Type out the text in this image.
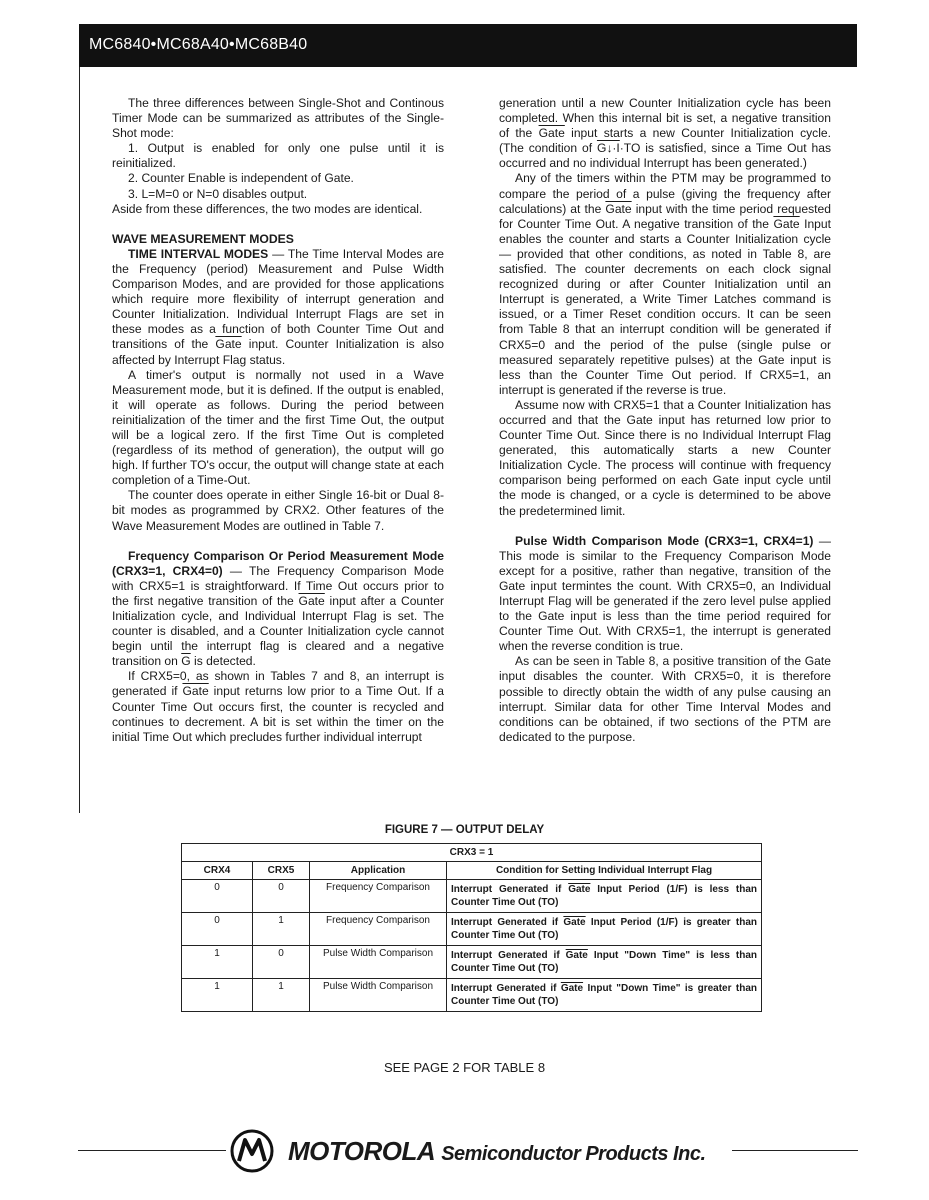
MC6840•MC68A40•MC68B40

The three differences between Single-Shot and Continous Timer Mode can be summarized as attributes of the Single-Shot mode:

1. Output is enabled for only one pulse until it is reinitialized.

2. Counter Enable is independent of Gate.

3. L=M=0 or N=0 disables output.

Aside from these differences, the two modes are identical.

WAVE MEASUREMENT MODES

TIME INTERVAL MODES — The Time Interval Modes are the Frequency (period) Measurement and Pulse Width Comparison Modes, and are provided for those applications which require more flexibility of interrupt generation and Counter Initialization. Individual Interrupt Flags are set in these modes as a function of both Counter Time Out and transitions of the Gate input. Counter Initialization is also affected by Interrupt Flag status.

A timer's output is normally not used in a Wave Measurement mode, but it is defined. If the output is enabled, it will operate as follows. During the period between reinitialization of the timer and the first Time Out, the output will be a logical zero. If the first Time Out is completed (regardless of its method of generation), the output will go high. If further TO's occur, the output will change state at each completion of a Time-Out.

The counter does operate in either Single 16-bit or Dual 8-bit modes as programmed by CRX2. Other features of the Wave Measurement Modes are outlined in Table 7.

Frequency Comparison Or Period Measurement Mode (CRX3=1, CRX4=0) — The Frequency Comparison Mode with CRX5=1 is straightforward. If Time Out occurs prior to the first negative transition of the Gate input after a Counter Initialization cycle, and Individual Interrupt Flag is set. The counter is disabled, and a Counter Initialization cycle cannot begin until the interrupt flag is cleared and a negative transition on $\overline{G}$ is detected.

If CRX5=0, as shown in Tables 7 and 8, an interrupt is generated if Gate input returns low prior to a Time Out. If a Counter Time Out occurs first, the counter is recycled and continues to decrement. A bit is set within the timer on the initial Time Out which precludes further individual interrupt

generation until a new Counter Initialization cycle has been completed. When this internal bit is set, a negative transition of the Gate input starts a new Counter Initialization cycle. (The condition of G↓·I·TO is satisfied, since a Time Out has occurred and no individual Interrupt has been generated.)

Any of the timers within the PTM may be programmed to compare the period of a pulse (giving the frequency after calculations) at the Gate input with the time period requested for Counter Time Out. A negative transition of the Gate Input enables the counter and starts a Counter Initialization cycle — provided that other conditions, as noted in Table 8, are satisfied. The counter decrements on each clock signal recognized during or after Counter Initialization until an Interrupt is generated, a Write Timer Latches command is issued, or a Timer Reset condition occurs. It can be seen from Table 8 that an interrupt condition will be generated if CRX5=0 and the period of the pulse (single pulse or measured separately repetitive pulses) at the Gate input is less than the Counter Time Out period. If CRX5=1, an interrupt is generated if the reverse is true.

Assume now with CRX5=1 that a Counter Initialization has occurred and that the Gate input has returned low prior to Counter Time Out. Since there is no Individual Interrupt Flag generated, this automatically starts a new Counter Initialization Cycle. The process will continue with frequency comparison being performed on each Gate input cycle until the mode is changed, or a cycle is determined to be above the predetermined limit.

Pulse Width Comparison Mode (CRX3=1, CRX4=1) — This mode is similar to the Frequency Comparison Mode except for a positive, rather than negative, transition of the Gate input termintes the count. With CRX5=0, an Individual Interrupt Flag will be generated if the zero level pulse applied to the Gate input is less than the time period required for Counter Time Out. With CRX5=1, the interrupt is generated when the reverse condition is true.

As can be seen in Table 8, a positive transition of the Gate input disables the counter. With CRX5=0, it is therefore possible to directly obtain the width of any pulse causing an interrupt. Similar data for other Time Interval Modes and conditions can be obtained, if two sections of the PTM are dedicated to the purpose.

FIGURE 7 — OUTPUT DELAY
CRX3 = 1			
CRX4	CRX5	Application	Condition for Setting Individual Interrupt Flag
0	0	Frequency Comparison	Interrupt Generated if Gate Input Period (1/F) is less than Counter Time Out (TO)
0	1	Frequency Comparison	Interrupt Generated if Gate Input Period (1/F) is greater than Counter Time Out (TO)
1	0	Pulse Width Comparison	Interrupt Generated if Gate Input "Down Time" is less than Counter Time Out (TO)
1	1	Pulse Width Comparison	Interrupt Generated if Gate Input "Down Time" is greater than Counter Time Out (TO)
SEE PAGE 2 FOR TABLE 8
MOTOROLA Semiconductor Products Inc.
